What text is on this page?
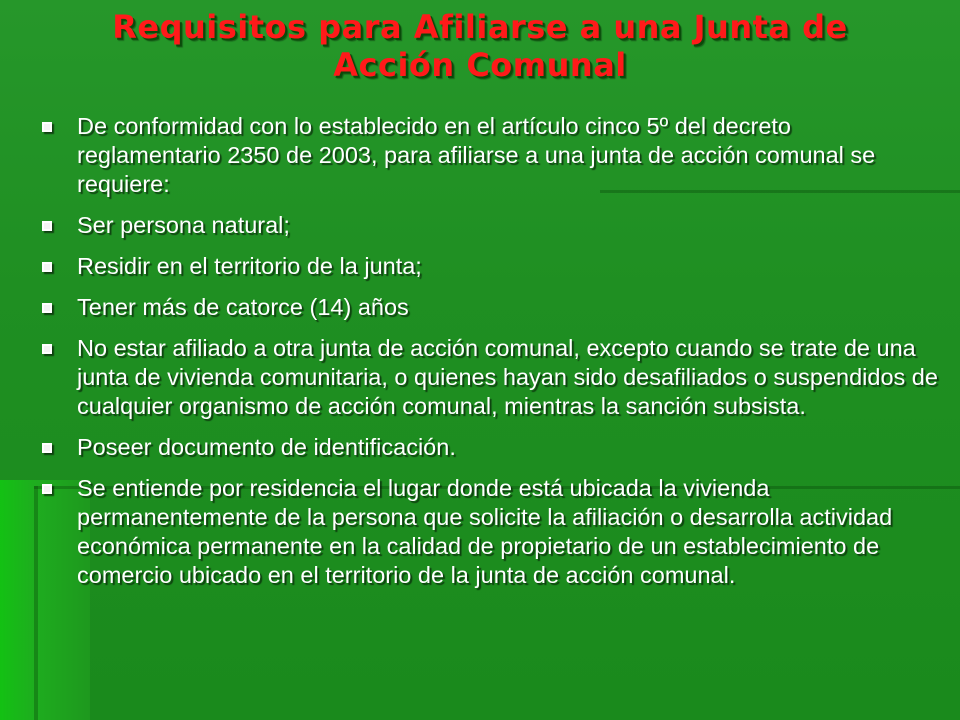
Requisitos para Afiliarse a una Junta de
Acción Comunal
De conformidad con lo establecido en el artículo cinco 5º del decreto reglamentario 2350 de 2003, para afiliarse a una junta de acción comunal se requiere:
Ser persona natural;
Residir en el territorio de la junta;
Tener más de catorce (14) años
No estar afiliado a otra junta de acción comunal, excepto cuando se trate de una junta de vivienda comunitaria, o quienes hayan sido desafiliados o suspendidos de cualquier organismo de acción comunal, mientras la sanción subsista.
Poseer documento de identificación.
Se entiende por residencia el lugar donde está ubicada la vivienda permanentemente de la persona que solicite la afiliación o desarrolla actividad económica permanente en la calidad de propietario de un establecimiento de comercio ubicado en el territorio de la junta de acción comunal.
